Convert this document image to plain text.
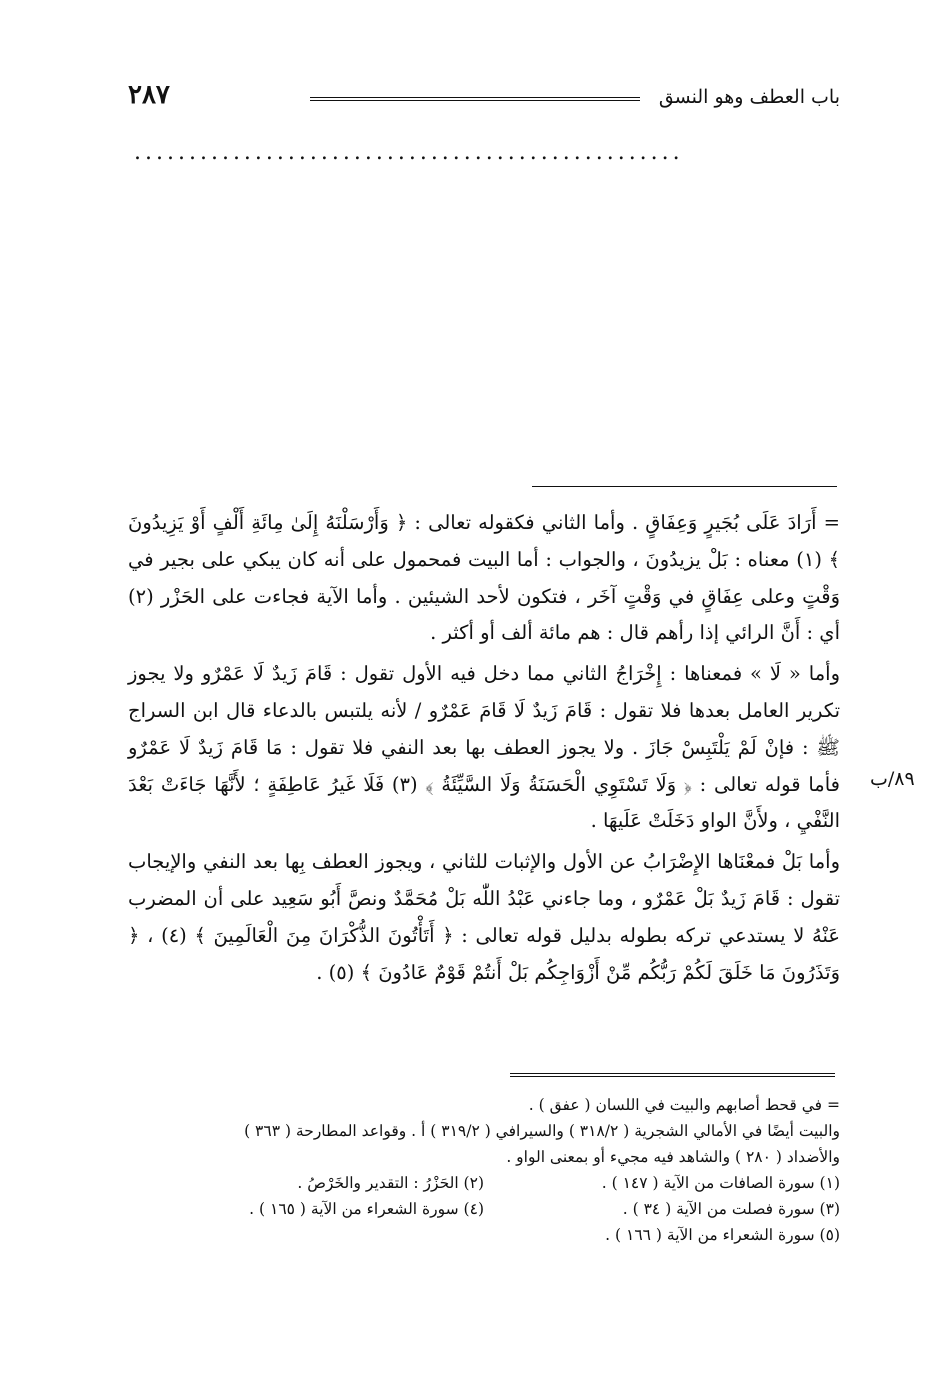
باب العطف وهو النسق
٢٨٧
..................................................
٨٩/ب

= أَرَادَ عَلَى بُجَيرٍ وَعِفَاقٍ . وأما الثاني فكقوله تعالى : ﴿ وَأَرْسَلْنَهُ إِلَىٰ مِائَةِ أَلْفٍ أَوْ يَزِيدُونَ ﴾ (١) معناه : بَلْ يزيدُونَ ، والجواب : أما البيت فمحمول على أنه كان يبكي على بجير في وَقْتٍ وعلى عِفَاقٍ في وَقْتٍ آخَر ، فتكون لأحد الشيئين . وأما الآية فجاءت على الحَزْر (٢) أي : أَنَّ الرائي إذا رأهم قال : هم مائة ألف أو أكثر .

وأما « لَا » فمعناها : إِخْرَاجُ الثاني مما دخل فيه الأول تقول : قَامَ زَيدٌ لَا عَمْرٌو ولا يجوز تكرير العامل بعدها فلا تقول : قَامَ زَيدٌ لَا قَامَ عَمْرٌو / لأنه يلتبس بالدعاء قال ابن السراج ﷺ : فإنْ لَمْ يَلْتَبِسْ جَازَ . ولا يجوز العطف بها بعد النفي فلا تقول : مَا قَامَ زَيدٌ لَا عَمْرٌو فأما قوله تعالى : ﴿ وَلَا تَسْتَوِي الْحَسَنَةُ وَلَا السَّيِّئَةُ ﴾ (٣) فَلَا غَيرُ عَاطِفَةٍ ؛ لأَنَّهَا جَاءَتْ بَعْدَ النَّفْيِ ، ولأَنَّ الواو دَخَلَتْ عَلَيهَا .

وأما بَلْ فمعْنَاها الإِضْرَابُ عن الأول والإثبات للثاني ، ويجوز العطف بِها بعد النفي والإيجاب تقول : قَامَ زَيدٌ بَلْ عَمْرٌو ، وما جاءني عَبْدُ اللّٰه بَلْ مُحَمَّدٌ ونصَّ أَبُو سَعِيد على أن المضرب عَنْهُ لا يستدعي تركه بطوله بدليل قوله تعالى : ﴿ أَتَأْتُونَ الذُّكْرَانَ مِنَ الْعَالَمِينَ ﴾ (٤) ، ﴿ وَتَذَرُونَ مَا خَلَقَ لَكُمْ رَبُّكُم مِّنْ أَزْوَاجِكُم بَلْ أَنتُمْ قَوْمٌ عَادُونَ ﴾ (٥) .

= في قحط أصابهم والبيت في اللسان ( عفق ) .
والبيت أيضًا في الأمالي الشجرية ( ٣١٨/٢ ) والسيرافي ( ٣١٩/٢ ) أ . وقواعد المطارحة ( ٣٦٣ )
والأضداد ( ٢٨٠ ) والشاهد فيه مجيء أو بمعنى الواو .
(١) سورة الصافات من الآية ( ١٤٧ ) .
(٢) الحَزْرُ : التقدير والخَرْصُ .
(٣) سورة فصلت من الآية ( ٣٤ ) .
(٤) سورة الشعراء من الآية ( ١٦٥ ) .
(٥) سورة الشعراء من الآية ( ١٦٦ ) .
